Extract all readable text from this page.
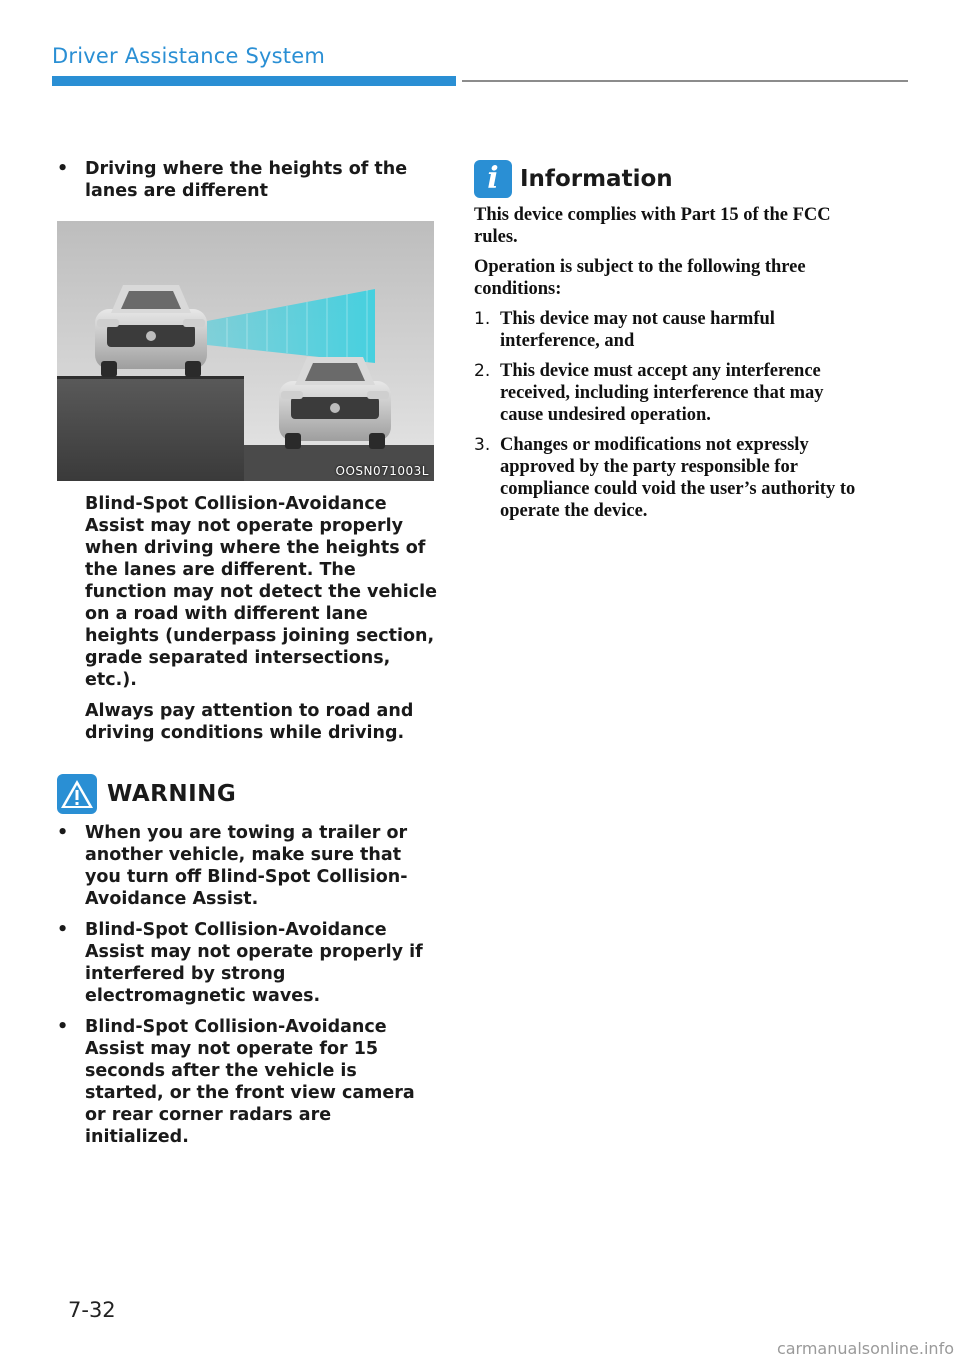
Driver Assistance System
• Driving where the heights of the lanes are different
OOSN071003L
Blind-Spot Collision-Avoidance Assist may not operate properly when driving where the heights of the lanes are different. The function may not detect the vehicle on a road with different lane heights (underpass joining section, grade separated intersections, etc.).
Always pay attention to road and driving conditions while driving.
WARNING
• When you are towing a trailer or another vehicle, make sure that you turn off Blind-Spot Collision-Avoidance Assist.
• Blind-Spot Collision-Avoidance Assist may not operate properly if interfered by strong electromagnetic waves.
• Blind-Spot Collision-Avoidance Assist may not operate for 15 seconds after the vehicle is started, or the front view camera or rear corner radars are initialized.
i Information
This device complies with Part 15 of the FCC rules.
Operation is subject to the following three conditions:
1. This device may not cause harmful interference, and
2. This device must accept any interference received, including interference that may cause undesired operation.
3. Changes or modifications not expressly approved by the party responsible for compliance could void the user’s authority to operate the device.
7-32
carmanualsonline.info
